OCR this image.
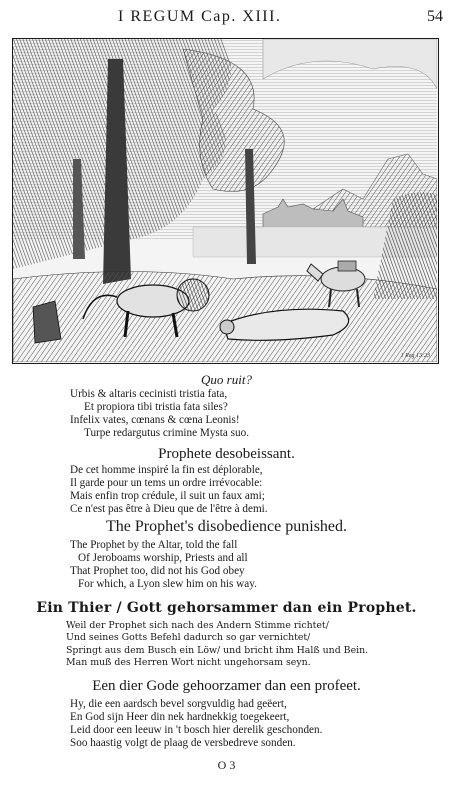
I REGUM Cap. XIII.	54
1 Reg 13:23
Quo ruit?
Urbis & altaris cecinisti tristia fata,
Et propiora tibi tristia fata siles?
Infelix vates, cœnans & cœna Leonis!
Turpe redargutus crimine Mysta suo.
Prophete desobeissant.
De cet homme inspiré la fin est déplorable,
Il garde pour un tems un ordre irrévocable:
Mais enfin trop crédule, il suit un faux ami;
Ce n'est pas être à Dieu que de l'être à demi.
The Prophet's disobedience punished.
The Prophet by the Altar, told the fall
Of Jeroboams worship, Priests and all
That Prophet too, did not his God obey
For which, a Lyon slew him on his way.
Ein Thier / Gott gehorsammer dan ein Prophet.
Weil der Prophet sich nach des Andern Stimme richtet/
Und seines Gotts Befehl dadurch so gar vernichtet/
Springt aus dem Busch ein Löw/ und bricht ihm Halß und Bein.
Man muß des Herren Wort nicht ungehorsam seyn.
Een dier Gode gehoorzamer dan een profeet.
Hy, die een aardsch bevel sorgvuldig had geëert,
En God sijn Heer din nek hardnekkig toegekeert,
Leid door een leeuw in 't bosch hier derelik geschonden.
Soo haastig volgt de plaag de versbedreve sonden.
O 3
